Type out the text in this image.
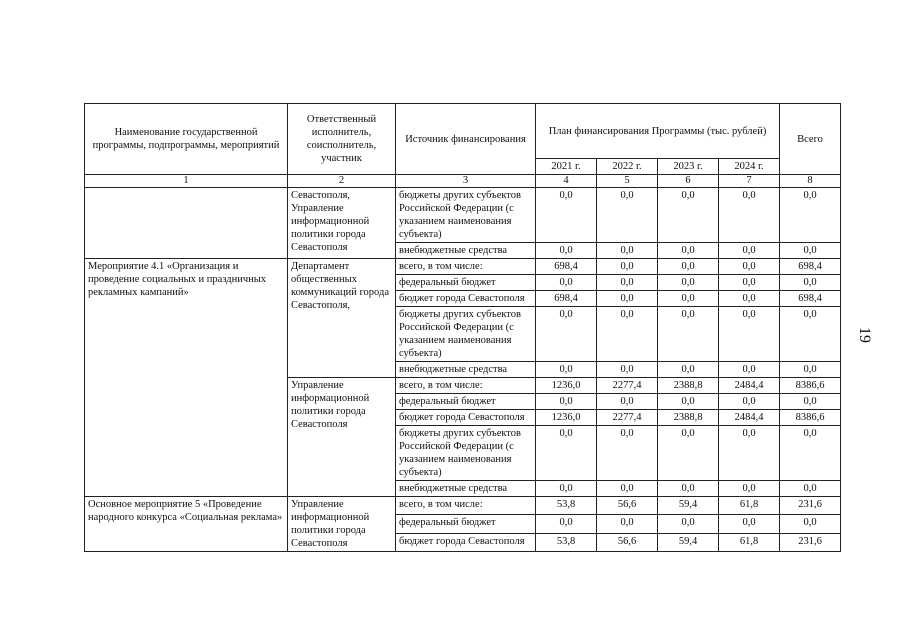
19
Наименование государственной программы, подпрограммы, мероприятий	Ответственный исполнитель, соисполнитель, участник	Источник финансирования	План финансирования Программы (тыс. рублей)				Всего
			2021 г.	2022 г.	2023 г.	2024 г.	
1	2	3	4	5	6	7	8
	Севастополя, Управление информационной политики города Севастополя	бюджеты других субъектов Российской Федерации (с указанием наименования субъекта)	0,0	0,0	0,0	0,0	0,0
		внебюджетные средства	0,0	0,0	0,0	0,0	0,0
Мероприятие 4.1 «Организация и проведение социальных и праздничных рекламных кампаний»	Департамент общественных коммуникаций города Севастополя,	всего, в том числе:	698,4	0,0	0,0	0,0	698,4
		федеральный бюджет	0,0	0,0	0,0	0,0	0,0
		бюджет города Севастополя	698,4	0,0	0,0	0,0	698,4
		бюджеты других субъектов Российской Федерации (с указанием наименования субъекта)	0,0	0,0	0,0	0,0	0,0
		внебюджетные средства	0,0	0,0	0,0	0,0	0,0
	Управление информационной политики города Севастополя	всего, в том числе:	1236,0	2277,4	2388,8	2484,4	8386,6
		федеральный бюджет	0,0	0,0	0,0	0,0	0,0
		бюджет города Севастополя	1236,0	2277,4	2388,8	2484,4	8386,6
		бюджеты других субъектов Российской Федерации (с указанием наименования субъекта)	0,0	0,0	0,0	0,0	0,0
		внебюджетные средства	0,0	0,0	0,0	0,0	0,0
Основное мероприятие 5 «Проведение народного конкурса «Социальная реклама»	Управление информационной политики города Севастополя	всего, в том числе:	53,8	56,6	59,4	61,8	231,6
		федеральный бюджет	0,0	0,0	0,0	0,0	0,0
		бюджет города Севастополя	53,8	56,6	59,4	61,8	231,6
